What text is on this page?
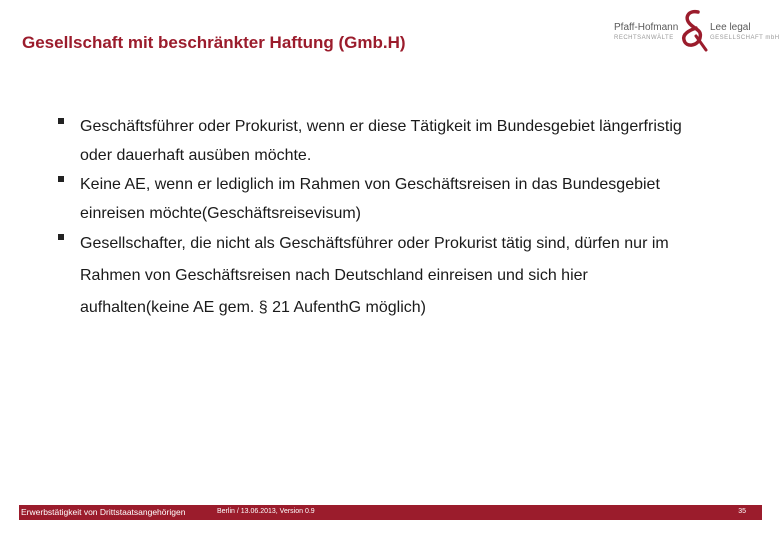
Gesellschaft mit beschränkter Haftung (Gmb.H)
Pfaff-Hofmann
RECHTSANWÄLTE
Lee legal
GESELLSCHAFT mbH
Geschäftsführer oder Prokurist, wenn er diese Tätigkeit im Bundesgebiet längerfristig
oder dauerhaft ausüben möchte.
Keine AE, wenn er lediglich im Rahmen von Geschäftsreisen in das Bundesgebiet
einreisen möchte(Geschäftsreisevisum)
Gesellschafter, die nicht als Geschäftsführer oder Prokurist tätig sind, dürfen nur im
Rahmen von Geschäftsreisen nach Deutschland einreisen und sich hier
aufhalten(keine AE gem. § 21 AufenthG möglich)
Erwerbstätigkeit von Drittstaatsangehörigen	Berlin / 13.06.2013, Version 0.9	35
